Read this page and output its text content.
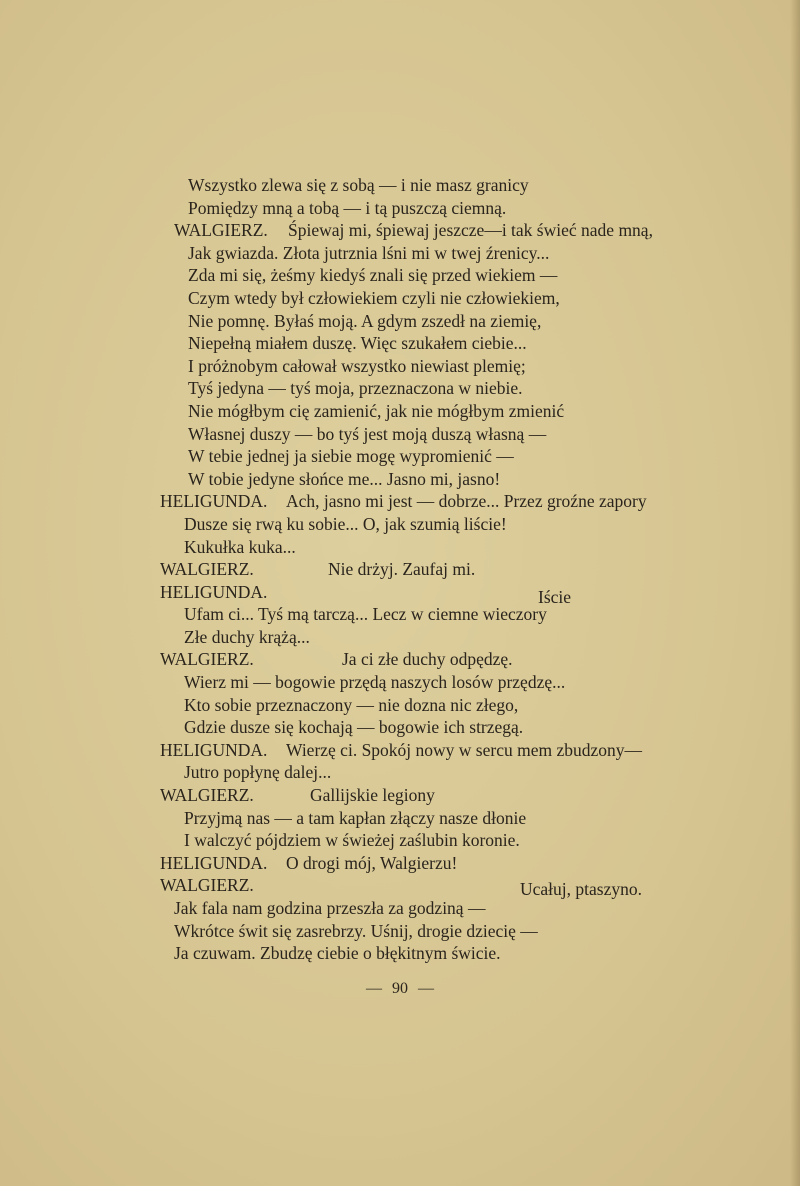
Wszystko zlewa się z sobą — i nie masz granicy
Pomiędzy mną a tobą — i tą puszczą ciemną.
WALGIERZ. Śpiewaj mi, śpiewaj jeszcze—i tak świeć nade mną,
Jak gwiazda. Złota jutrznia lśni mi w twej źrenicy...
Zda mi się, żeśmy kiedyś znali się przed wiekiem —
Czym wtedy był człowiekiem czyli nie człowiekiem,
Nie pomnę. Byłaś moją. A gdym zszedł na ziemię,
Niepełną miałem duszę. Więc szukałem ciebie...
I próżnobym całował wszystko niewiast plemię;
Tyś jedyna — tyś moja, przeznaczona w niebie.
Nie mógłbym cię zamienić, jak nie mógłbym zmienić
Własnej duszy — bo tyś jest moją duszą własną —
W tebie jednej ja siebie mogę wypromienić —
W tobie jedyne słońce me... Jasno mi, jasno!
HELIGUNDA. Ach, jasno mi jest — dobrze... Przez groźne zapory
Dusze się rwą ku sobie... O, jak szumią liście!
Kukułka kuka...
WALGIERZ.	Nie drżyj. Zaufaj mi.
HELIGUNDA.	Iście
Ufam ci... Tyś mą tarczą... Lecz w ciemne wieczory
Złe duchy krążą...
WALGIERZ.	Ja ci złe duchy odpędzę.
Wierz mi — bogowie przędą naszych losów przędzę...
Kto sobie przeznaczony — nie dozna nic złego,
Gdzie dusze się kochają — bogowie ich strzegą.
HELIGUNDA. Wierzę ci. Spokój nowy w sercu mem zbudzony—
Jutro popłynę dalej...
WALGIERZ.	Gallijskie legiony
Przyjmą nas — a tam kapłan złączy nasze dłonie
I walczyć pójdziem w świeżej zaślubin koronie.
HELIGUNDA. O drogi mój, Walgierzu!
WALGIERZ.	Ucałuj, ptaszyno.
Jak fala nam godzina przeszła za godziną —
Wkrótce świt się zasrebrzy. Uśnij, drogie dziecię —
Ja czuwam. Zbudzę ciebie o błękitnym świcie.
— 90 —
